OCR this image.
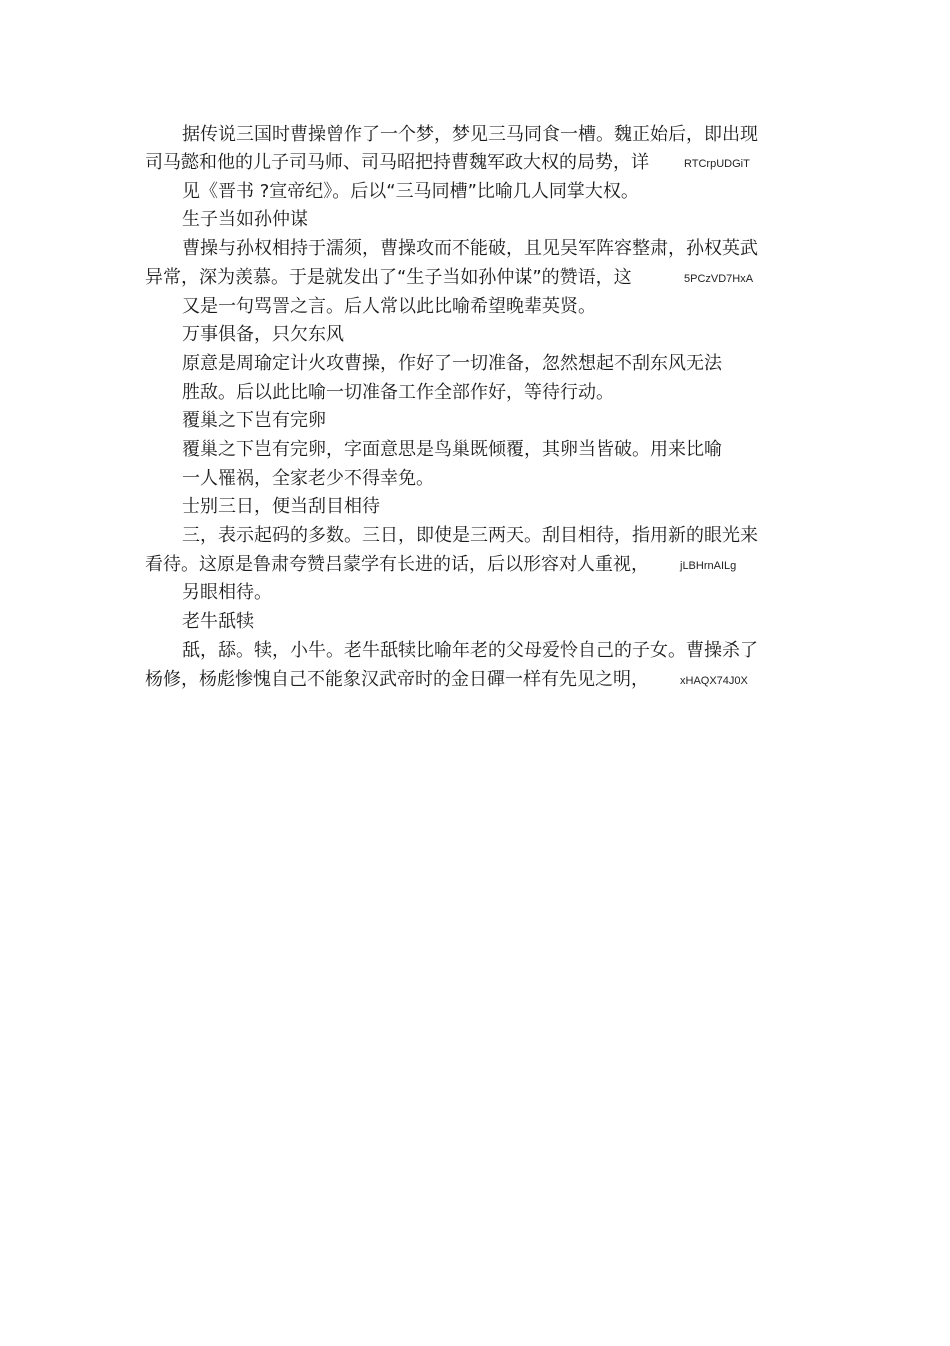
据传说三国时曹操曾作了一个梦，梦见三马同食一槽。魏正始后，即出现
司马懿和他的儿子司马师、司马昭把持曹魏军政大权的局势，详	RTCrpUDGiT
见《晋书 ?宣帝纪》。后以“三马同槽”比喻几人同掌大权。
生子当如孙仲谋
曹操与孙权相持于濡须，曹操攻而不能破，且见吴军阵容整肃，孙权英武
异常，深为羡慕。于是就发出了“生子当如孙仲谋”的赞语，这	5PCzVD7HxA
又是一句骂詈之言。后人常以此比喻希望晚辈英贤。
万事俱备，只欠东风
原意是周瑜定计火攻曹操，作好了一切准备，忽然想起不刮东风无法
胜敌。后以此比喻一切准备工作全部作好，等待行动。
覆巢之下岂有完卵
覆巢之下岂有完卵，字面意思是鸟巢既倾覆，其卵当皆破。用来比喻
一人罹祸，全家老少不得幸免。
士别三日，便当刮目相待
三，表示起码的多数。三日，即使是三两天。刮目相待，指用新的眼光来
看待。这原是鲁肃夸赞吕蒙学有长进的话，后以形容对人重视，	jLBHrnAILg
另眼相待。
老牛舐犊
舐，舔。犊，小牛。老牛舐犊比喻年老的父母爱怜自己的子女。曹操杀了
杨修，杨彪惨愧自己不能象汉武帝时的金日磾一样有先见之明，	xHAQX74J0X
